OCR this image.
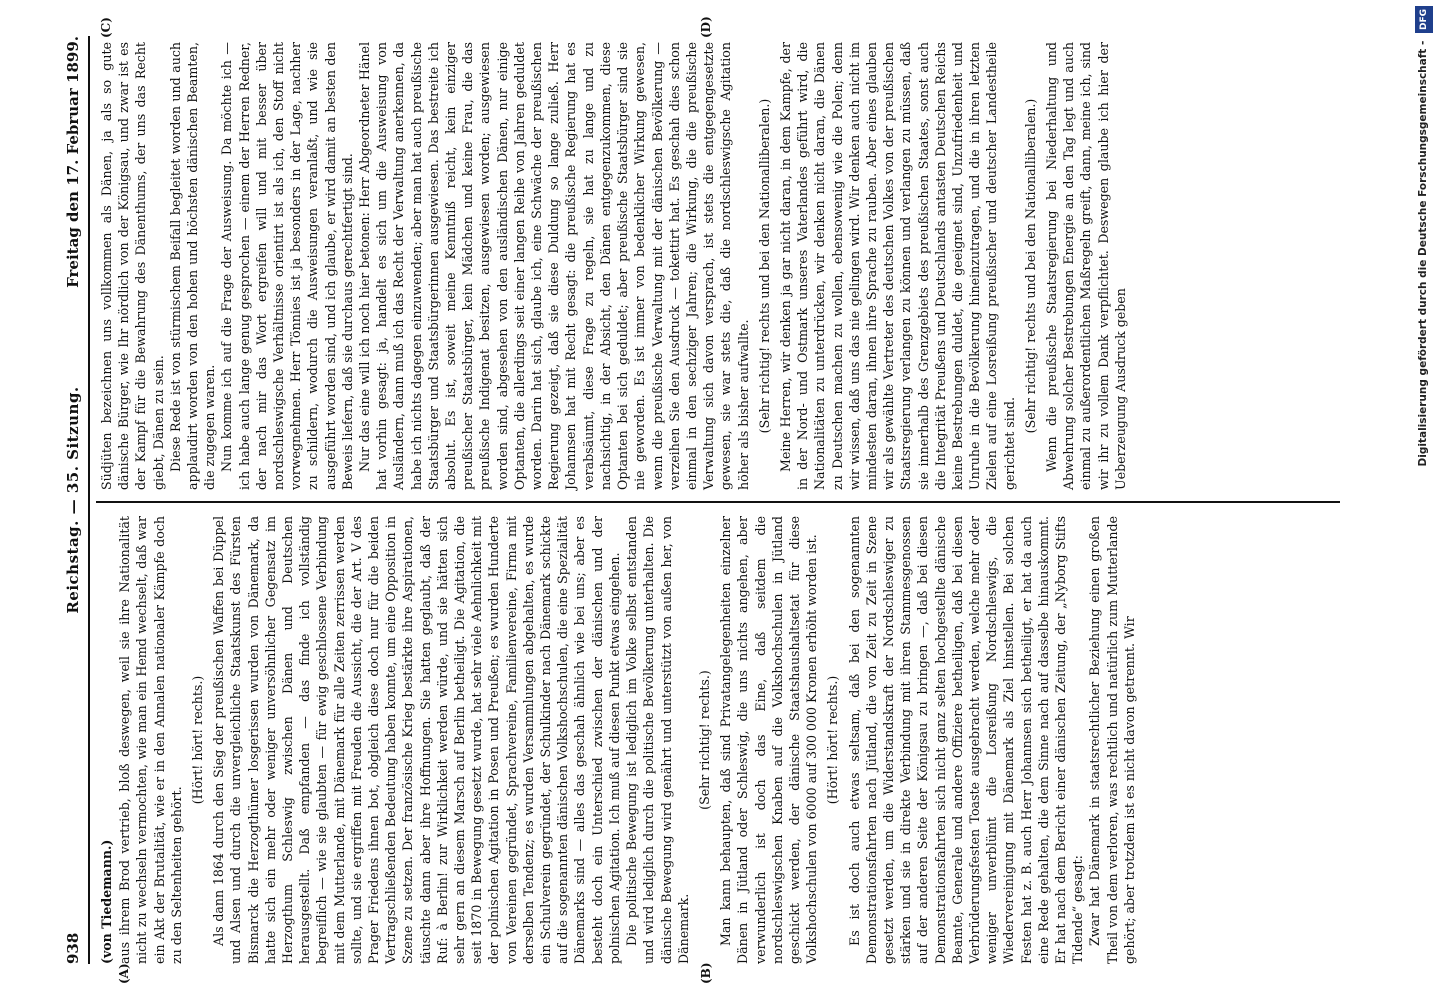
938
Reichstag. — 35. Sitzung.
Freitag den 17. Februar 1899.
(A)	(B)
(von Tiedemann.) aus ihrem Brod vertrieb, bloß deswegen, weil sie ihre Nationalität nicht zu wechseln vermochten, wie man ein Hemd wechselt, daß war ein Akt der Brutalität, wie er in den Annalen nationaler Kämpfe doch zu den Seltenheiten gehört.

(Hört! hört! rechts.) Als dann 1864 durch den Sieg der preußischen Waffen bei Düppel und Alsen und durch die unvergleichliche Staatskunst des Fürsten Bismarck die Herzogthümer losgerissen wurden von Dänemark, da hatte sich ein mehr oder weniger unversöhnlicher Gegensatz im Herzogthum Schleswig zwischen Dänen und Deutschen herausgestellt. Daß empfanden — das finde ich vollständig begreiflich — wie sie glaubten — für ewig geschlossene Verbindung mit dem Mutterlande, mit Dänemark für alle Zeiten zerrissen werden sollte, und sie ergriffen mit Freuden die Aussicht, die der Art. V des Prager Friedens ihnen bot, obgleich diese doch nur für die beiden Vertragschließenden Bedeutung haben konnte, um eine Opposition in Szene zu setzen. Der französische Krieg bestärkte ihre Aspirationen, täuschte dann aber ihre Hoffnungen. Sie hatten geglaubt, daß der Ruf: à Berlin! zur Wirklichkeit werden würde, und sie hätten sich sehr gern an diesem Marsch auf Berlin betheiligt. Die Agitation, die seit 1870 in Bewegung gesetzt wurde, hat sehr viele Aehnlichkeit mit der polnischen Agitation in Posen und Preußen; es wurden Hunderte von Vereinen gegründet, Sprachvereine, Familienvereine, Firma mit derselben Tendenz; es wurden Versammlungen abgehalten, es wurde ein Schulverein gegründet, der Schulkinder nach Dänemark schickte auf die sogenannten dänischen Volkshochschulen, die eine Spezialität Dänemarks sind — alles das geschah ähnlich wie bei uns; aber es besteht doch ein Unterschied zwischen der dänischen und der polnischen Agitation. Ich muß auf diesen Punkt etwas eingehen. Die politische Bewegung ist lediglich im Volke selbst entstanden und wird lediglich durch die politische Bevölkerung unterhalten. Die dänische Bewegung wird genährt und unterstützt von außen her, von Dänemark.

(Sehr richtig! rechts.) Man kann behaupten, daß sind Privatangelegenheiten einzelner Dänen in Jütland oder Schleswig, die uns nichts angehen, aber verwunderlich ist doch das Eine, daß seitdem die nordschleswigschen Knaben auf die Volkshochschulen in Jütland geschickt werden, der dänische Staatshaushaltsetat für diese Volkshochschulen von 6000 auf 300 000 Kronen erhöht worden ist. (Hört! hört! rechts.) Es ist doch auch etwas seltsam, daß bei den sogenannten Demonstrationsfahrten nach Jütland, die von Zeit zu Zeit in Szene gesetzt werden, um die Widerstandskraft der Nordschleswiger zu stärken und sie in direkte Verbindung mit ihren Stammesgenossen auf der anderen Seite der Königsau zu bringen —, daß bei diesen Demonstrationsfahrten sich nicht ganz selten hochgestellte dänische Beamte, Generale und andere Offiziere betheiligen, daß bei diesen Verbrüderungsfesten Toaste ausgebracht werden, welche mehr oder weniger unverblümt die Losreißung Nordschleswigs, die Wiedervereinigung mit Dänemark als Ziel hinstellen. Bei solchen Festen hat z. B. auch Herr Johannsen sich betheiligt, er hat da auch eine Rede gehalten, die dem Sinne nach auf dasselbe hinauskommt. Er hat nach dem Bericht einer dänischen Zeitung, der „Nyborg Stifts Tidende“ gesagt: Zwar hat Dänemark in staatsrechtlicher Beziehung einen großen Theil von dem verloren, was rechtlich und natürlich zum Mutterlande gehört; aber trotzdem ist es nicht davon getrennt. Wir

(C)	(D)

Südjüten bezeichnen uns vollkommen als Dänen, ja als so gute dänische Bürger, wie Ihr nördlich von der Königsau, und zwar ist es der Kampf für die Bewahrung des Dänenthums, der uns das Recht giebt, Dänen zu sein. Diese Rede ist von stürmischem Beifall begleitet worden und auch applaudirt worden von den hohen und höchsten dänischen Beamten, die zugegen waren. Nun komme ich auf die Frage der Ausweisung. Da möchte ich — ich habe auch lange genug gesprochen — einem der Herren Redner, der nach mir das Wort ergreifen will und mit besser über nordschleswigsche Verhältnisse orientirt ist als ich, den Stoff nicht vorwegnehmen. Herr Tönnies ist ja besonders in der Lage, nachher zu schildern, wodurch die Ausweisungen veranlaßt, und wie sie ausgeführt worden sind, und ich glaube, er wird damit an besten den Beweis liefern, daß sie durchaus gerechtfertigt sind. Nur das eine will ich noch hier betonen: Herr Abgeordneter Hänel hat vorhin gesagt: ja, handelt es sich um die Ausweisung von Ausländern, dann muß ich das Recht der Verwaltung anerkennen, da habe ich nichts dagegen einzuwenden; aber man hat auch preußische Staatsbürger und Staatsbürgerinnen ausgewiesen. Das bestreite ich absolut. Es ist, soweit meine Kenntniß reicht, kein einziger preußischer Staatsbürger, kein Mädchen und keine Frau, die das preußische Indigenat besitzen, ausgewiesen worden; ausgewiesen worden sind, abgesehen von den ausländischen Dänen, nur einige Optanten, die allerdings seit einer langen Reihe von Jahren geduldet worden. Darin hat sich, glaube ich, eine Schwäche der preußischen Regierung gezeigt, daß sie diese Duldung so lange zuließ. Herr Johannsen hat mit Recht gesagt: die preußische Regierung hat es verabsäumt, diese Frage zu regeln, sie hat zu lange und zu nachsichtig, in der Absicht, den Dänen entgegenzukommen, diese Optanten bei sich geduldet; aber preußische Staatsbürger sind sie nie geworden. Es ist immer von bedenklicher Wirkung gewesen, wenn die preußische Verwaltung mit der dänischen Bevölkerung — verzeihen Sie den Ausdruck — tokettirt hat. Es geschah dies schon einmal in den sechziger Jahren; die Wirkung, die die preußische Verwaltung sich davon versprach, ist stets die entgegengesetzte gewesen, sie war stets die, daß die nordschleswigsche Agitation höher als bisher aufwallte. (Sehr richtig! rechts und bei den Nationalliberalen.) Meine Herren, wir denken ja gar nicht daran, in dem Kampfe, der in der Nord- und Ostmark unseres Vaterlandes geführt wird, die Nationalitäten zu unterdrücken, wir denken nicht daran, die Dänen zu Deutschen machen zu wollen, ebensowenig wie die Polen; denn wir wissen, daß uns das nie gelingen wird. Wir denken auch nicht im mindesten daran, ihnen ihre Sprache zu rauben. Aber eines glauben wir als gewählte Vertreter des deutschen Volkes von der preußischen Staatsregierung verlangen zu können und verlangen zu müssen, daß sie innerhalb des Grenzgebiets des preußischen Staates, sonst auch die Integrität Preußens und Deutschlands antasten Deutschen Reichs keine Bestrebungen duldet, die geeignet sind, Unzufriedenheit und Unruhe in die Bevölkerung hineinzutragen, und die in ihren letzten Zielen auf eine Losreißung preußischer und deutscher Landestheile gerichtet sind.

(Sehr richtig! rechts und bei den Nationalliberalen.) Wenn die preußische Staatsregierung bei Niederhaltung und Abwehrung solcher Bestrebungen Energie an den Tag legt und auch einmal zu außerordentlichen Maßregeln greift, dann, meine ich, sind wir ihr zu vollem Dank verpflichtet. Deswegen glaube ich hier der Ueberzeugung Ausdruck geben	Digitalisierung gefördert durch die Deutsche Forschungsgemeinschaft - DFG
